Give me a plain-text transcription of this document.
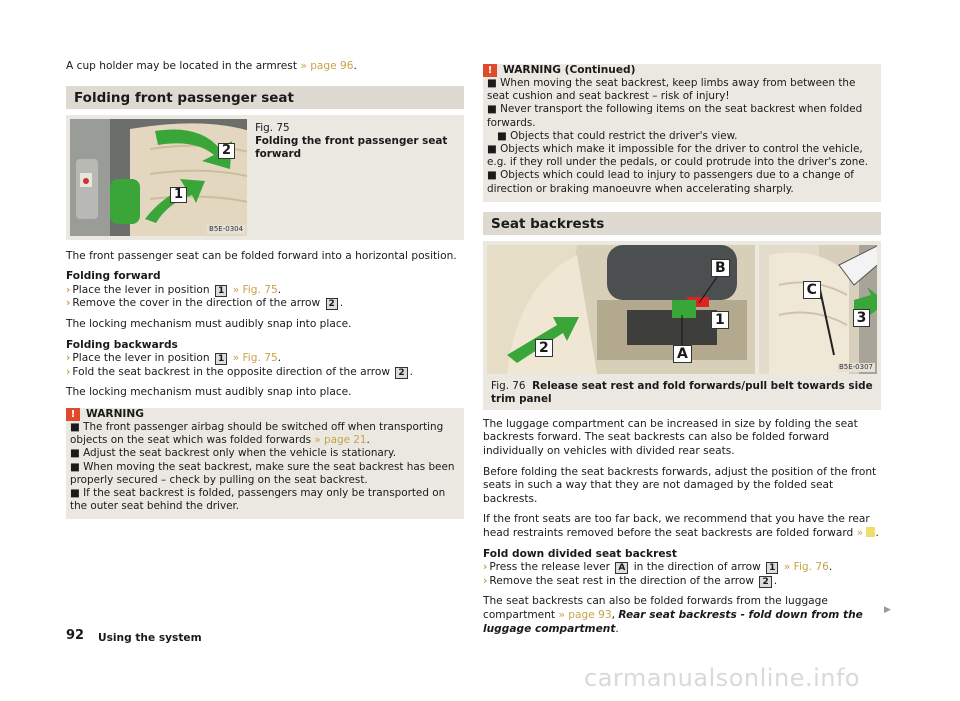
A cup holder may be located in the armrest » page 96.

Folding front passenger seat
2
1
B5E-0304
Fig. 75
Folding the front passenger seat forward

The front passenger seat can be folded forward into a horizontal position.

Folding forward
› Place the lever in position 1 » Fig. 75.
› Remove the cover in the direction of the arrow 2 .

The locking mechanism must audibly snap into place.

Folding backwards
› Place the lever in position 1 » Fig. 75.
› Fold the seat backrest in the opposite direction of the arrow 2 .

The locking mechanism must audibly snap into place.

!	WARNING
■ The front passenger airbag should be switched off when transporting objects on the seat which was folded forwards » page 21.
■ Adjust the seat backrest only when the vehicle is stationary.
■ When moving the seat backrest, make sure the seat backrest has been properly secured – check by pulling on the seat backrest.
■ If the seat backrest is folded, passengers may only be transported on the outer seat behind the driver.
!	WARNING (Continued)
■ When moving the seat backrest, keep limbs away from between the seat cushion and seat backrest – risk of injury!
■ Never transport the following items on the seat backrest when folded forwards.
■ Objects that could restrict the driver's view.
■ Objects which make it impossible for the driver to control the vehicle, e.g. if they roll under the pedals, or could protrude into the driver's zone.
■ Objects which could lead to injury to passengers due to a change of direction or braking manoeuvre when accelerating sharply.
Seat backrests
B
1
A
2
C
3
B5E-0307
Fig. 76 Release seat rest and fold forwards/pull belt towards side trim panel

The luggage compartment can be increased in size by folding the seat backrests forward. The seat backrests can also be folded forward individually on vehicles with divided rear seats.

Before folding the seat backrests forwards, adjust the position of the front seats in such a way that they are not damaged by the folded seat backrests.

If the front seats are too far back, we recommend that you have the rear head restraints removed before the seat backrests are folded forward » .

Fold down divided seat backrest
› Press the release lever A in the direction of arrow 1 » Fig. 76.
› Remove the seat rest in the direction of the arrow 2 .

The seat backrests can also be folded forwards from the luggage compartment » page 93, Rear seat backrests - fold down from the luggage compartment.

▶
92 Using the system
carmanualsonline.info
